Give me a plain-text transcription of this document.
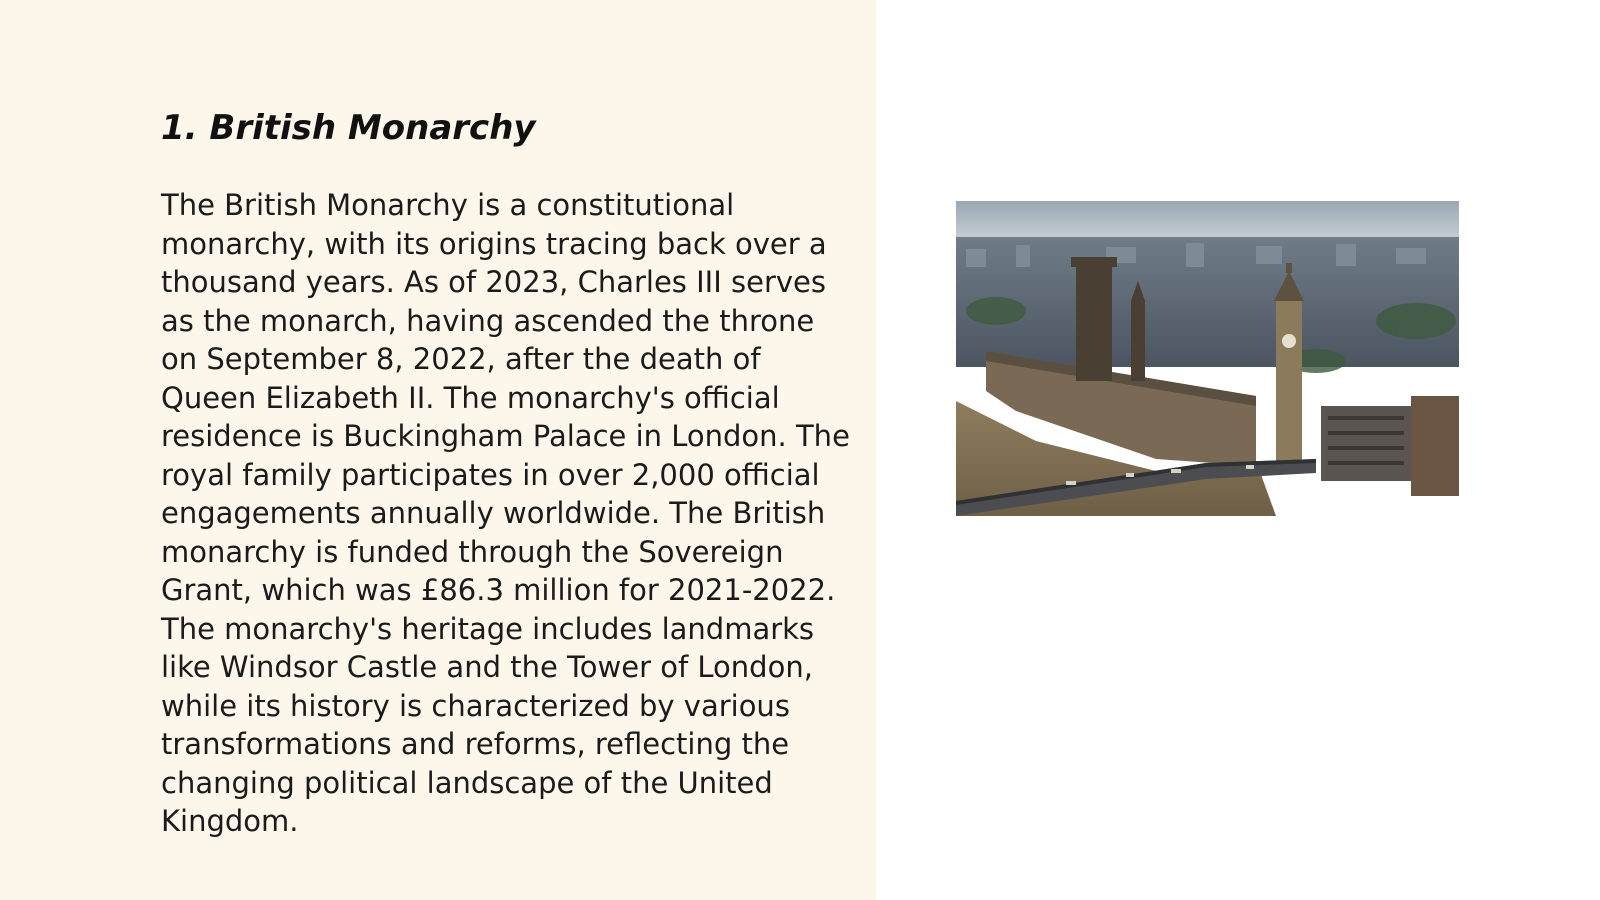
1. British Monarchy

The British Monarchy is a constitutional monarchy, with its origins tracing back over a thousand years. As of 2023, Charles III serves as the monarch, having ascended the throne on September 8, 2022, after the death of Queen Elizabeth II. The monarchy's official residence is Buckingham Palace in London. The royal family participates in over 2,000 official engagements annually worldwide. The British monarchy is funded through the Sovereign Grant, which was £86.3 million for 2021-2022. The monarchy's heritage includes landmarks like Windsor Castle and the Tower of London, while its history is characterized by various transformations and reforms, reflecting the changing political landscape of the United Kingdom.
